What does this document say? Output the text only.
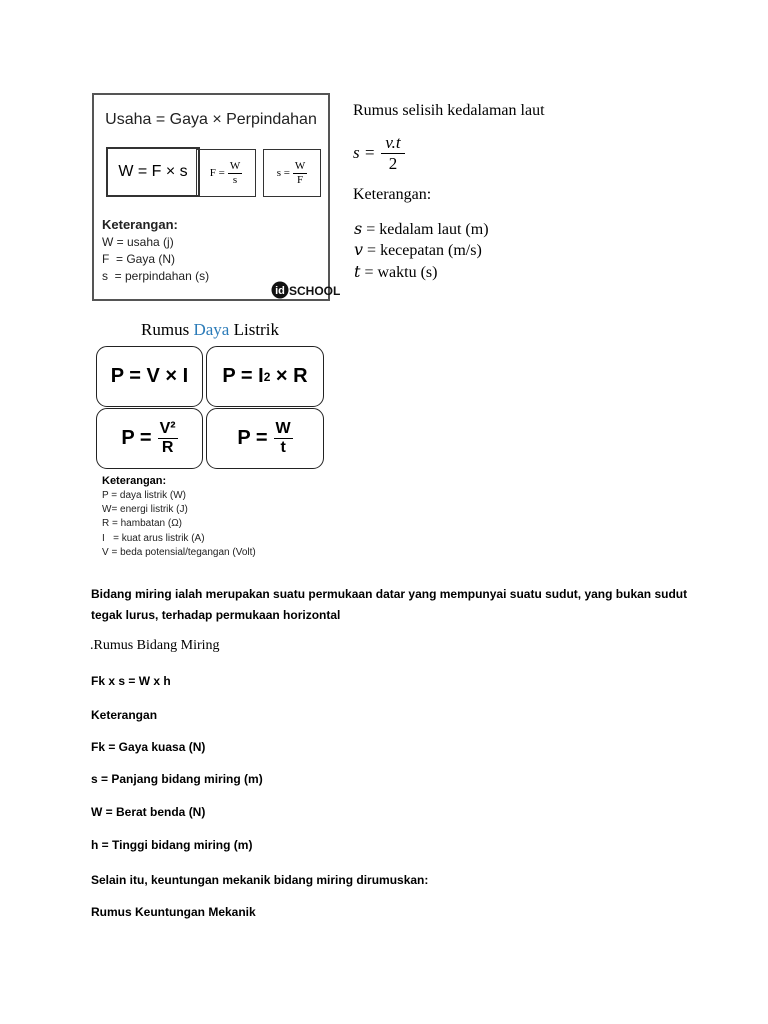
Usaha = Gaya × Perpindahan
W = F × s	$F = \frac{W}{s}$	$s = \frac{W}{F}$
Keterangan:
W = usaha (j)
F  = Gaya (N)
s  = perpindahan (s)
id SCHOOL
Rumus selisih kedalaman laut
$s = \frac{v.t}{2}$
Keterangan:
s = kedalam laut (m)
v = kecepatan (m/s)
t = waktu (s)
Rumus Daya Listrik
P = V × I	P = I 2 × R
$P = \frac{\text{V²}}{R}$	$P = \frac{W}{t}$
Keterangan:
P = daya listrik (W)
W= energi listrik (J)
R = hambatan (Ω)
I   = kuat arus listrik (A)
V = beda potensial/tegangan (Volt)
Bidang miring ialah merupakan suatu permukaan datar yang mempunyai suatu sudut, yang bukan sudut tegak lurus, terhadap permukaan horizontal
.Rumus Bidang Miring
Fk x s = W x h
Keterangan
Fk = Gaya kuasa (N)
s = Panjang bidang miring (m)
W = Berat benda (N)
h = Tinggi bidang miring (m)
Selain itu, keuntungan mekanik bidang miring dirumuskan:
Rumus Keuntungan Mekanik
